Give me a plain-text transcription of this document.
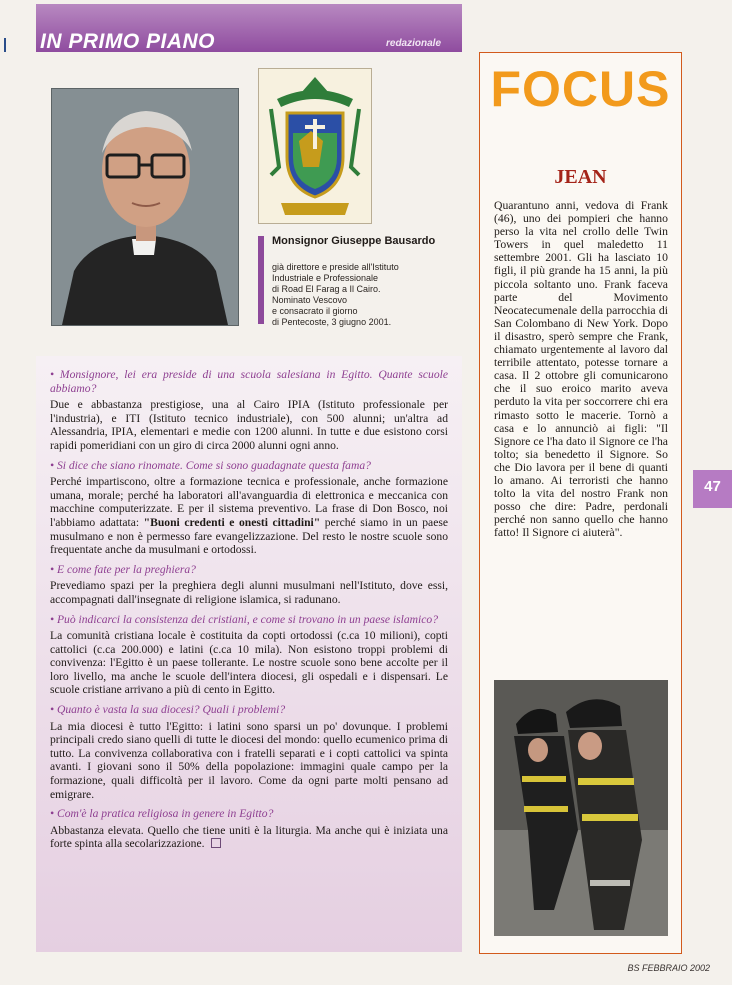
IN PRIMO PIANO	redazionale
Monsignor Giuseppe Bausardo
già direttore e preside all'Istituto
Industriale e Professionale
di Road El Farag a Il Cairo.
Nominato Vescovo
e consacrato il giorno
di Pentecoste, 3 giugno 2001.

• Monsignore, lei era preside di una scuola salesiana in Egitto. Quante scuole abbiamo?

Due e abbastanza prestigiose, una al Cairo IPIA (Istituto professionale per l'industria), e ITI (Istituto tecnico industriale), con 500 alunni; un'altra ad Alessandria, IPIA, elementari e medie con 1200 alunni. In tutte e due esistono corsi rapidi pomeridiani con un giro di circa 2000 alunni ogni anno.

• Si dice che siano rinomate. Come si sono guadagnate questa fama?

Perché impartiscono, oltre a formazione tecnica e professionale, anche formazione umana, morale; perché ha laboratori all'avanguardia di elettronica e meccanica con macchine computerizzate. E per il sistema preventivo. La frase di Don Bosco, noi l'abbiamo adattata: "Buoni credenti e onesti cittadini" perché siamo in un paese musulmano e non è permesso fare evangelizzazione. Del resto le nostre scuole sono frequentate anche da musulmani e ortodossi.

• E come fate per la preghiera?

Prevediamo spazi per la preghiera degli alunni musulmani nell'Istituto, dove essi, accompagnati dall'insegnate di religione islamica, si radunano.

• Può indicarci la consistenza dei cristiani, e come si trovano in un paese islamico?

La comunità cristiana locale è costituita da copti ortodossi (c.ca 10 milioni), copti cattolici (c.ca 200.000) e latini (c.ca 10 mila). Non esistono troppi problemi di convivenza: l'Egitto è un paese tollerante. Le nostre scuole sono bene accolte per il loro livello, ma anche le scuole dell'intera diocesi, gli ospedali e i dispensari. Le scuole cristiane arrivano a più di cento in Egitto.

• Quanto è vasta la sua diocesi? Quali i problemi?

La mia diocesi è tutto l'Egitto: i latini sono sparsi un po' dovunque. I problemi principali credo siano quelli di tutte le diocesi del mondo: quello ecumenico prima di tutto. La convivenza collaborativa con i fratelli separati e i copti cattolici va spinta avanti. I giovani sono il 50% della popolazione: immagini quale campo per la formazione, quali difficoltà per il lavoro. Come da ogni parte molti pensano ad emigrare.

• Com'è la pratica religiosa in genere in Egitto?

Abbastanza elevata. Quello che tiene uniti è la liturgia. Ma anche qui è iniziata una forte spinta alla secolarizzazione.

FOCUS
JEAN
Quarantuno anni, vedova di Frank (46), uno dei pompieri che hanno perso la vita nel crollo delle Twin Towers in quel maledetto 11 settembre 2001. Gli ha lasciato 10 figli, il più grande ha 15 anni, la più piccola soltanto uno. Frank faceva parte del Movimento Neocatecumenale della parrocchia di San Colombano di New York. Dopo il disastro, sperò sempre che Frank, chiamato urgentemente al lavoro dal terribile attentato, potesse tornare a casa. Il 2 ottobre gli comunicarono che il suo eroico marito aveva perduto la vita per soccorrere chi era rimasto sotto le macerie. Tornò a casa e lo annunciò ai figli: "Il Signore ce l'ha dato il Signore ce l'ha tolto; sia benedetto il Signore. So che Dio lavora per il bene di quanti lo amano. Ai terroristi che hanno tolto la vita del nostro Frank non posso che dire: Padre, perdonali perché non sanno quello che hanno fatto! Il Signore ci aiuterà".
47
BS FEBBRAIO 2002
